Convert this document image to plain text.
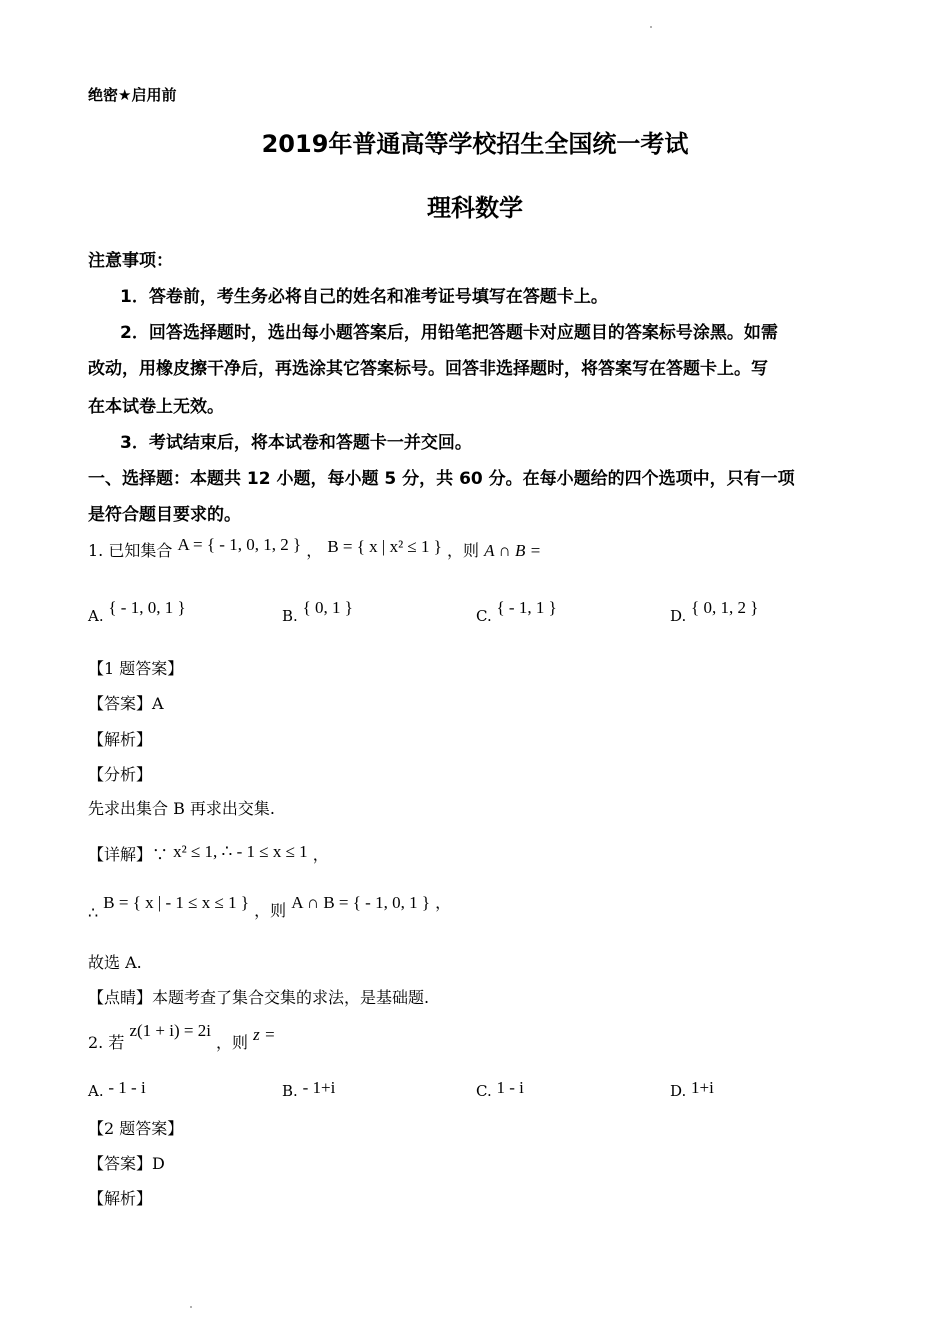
绝密★启用前
2019年普通高等学校招生全国统一考试
理科数学
注意事项：
1．答卷前，考生务必将自己的姓名和准考证号填写在答题卡上。
2．回答选择题时，选出每小题答案后，用铅笔把答题卡对应题目的答案标号涂黑。如需
改动，用橡皮擦干净后，再选涂其它答案标号。回答非选择题时，将答案写在答题卡上。写
在本试卷上无效。
3．考试结束后，将本试卷和答题卡一并交回。
一、选择题：本题共 12 小题，每小题 5 分，共 60 分。在每小题给的四个选项中，只有一项
是符合题目要求的。
1. 已知集合 A = { - 1, 0, 1, 2 } ， B = { x | x² ≤ 1 } ，则 A ∩ B =
A. { - 1, 0, 1 }	B. { 0, 1 }	C. { - 1, 1 }	D. { 0, 1, 2 }
【1 题答案】
【答案】A
【解析】
【分析】
先求出集合 B 再求出交集.
【详解】∵ x² ≤ 1, ∴ - 1 ≤ x ≤ 1 ，
∴ B = { x | - 1 ≤ x ≤ 1 } ，则 A ∩ B = { - 1, 0, 1 } ，
故选 A.
【点睛】本题考查了集合交集的求法，是基础题.
2. 若 z(1 + i) = 2i ，则 z =
A. - 1 - i	B. - 1+i	C. 1 - i	D. 1+i
【2 题答案】
【答案】D
【解析】
